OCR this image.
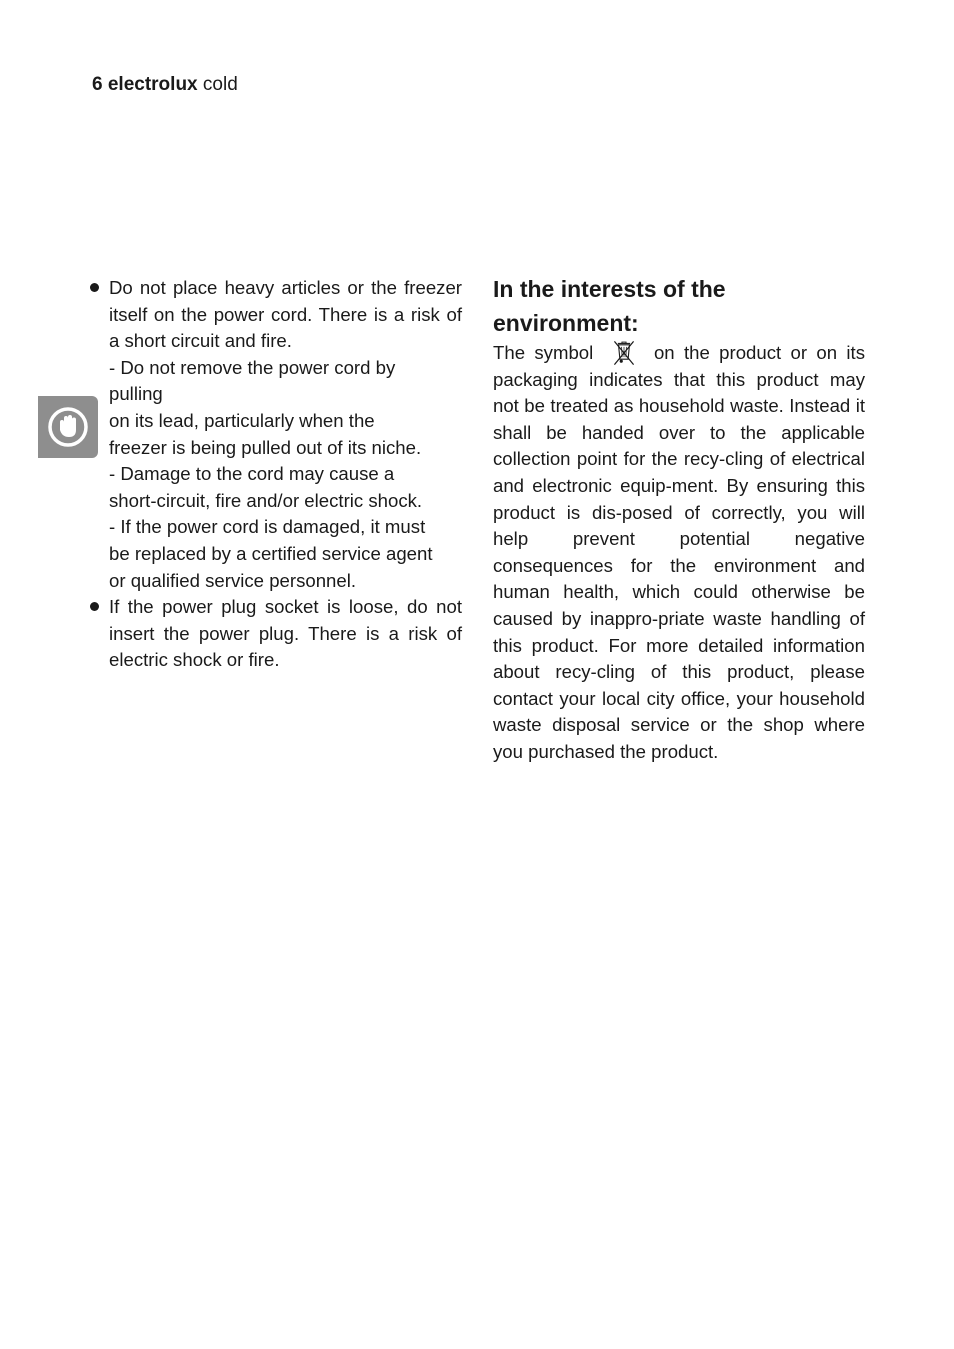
6 electrolux cold
Do not place heavy articles or the freezer
itself on the power cord. There is a risk of
a short circuit and fire.
- Do not remove the power cord by
pulling
on its lead, particularly when the
freezer is being pulled out of its niche.
- Damage to the cord may cause a
short-circuit, fire and/or electric shock.
- If the power cord is damaged, it must
be replaced by a certified service agent
or qualified service personnel.
If the power plug socket is loose, do not
insert the power plug. There is a risk of
electric shock or fire.
In the interests of the environment:

The symbol	on the product or on its packaging indicates that this product may not be treated as household waste. Instead it shall be handed over to the applicable collection point for the recy-cling of electrical and electronic equip-ment. By ensuring this product is dis-posed of correctly, you will help prevent potential negative consequences for the environment and human health, which could otherwise be caused by inappro-priate waste handling of this product. For more detailed information about recy-cling of this product, please contact your local city office, your household waste disposal service or the shop where you purchased the product.
